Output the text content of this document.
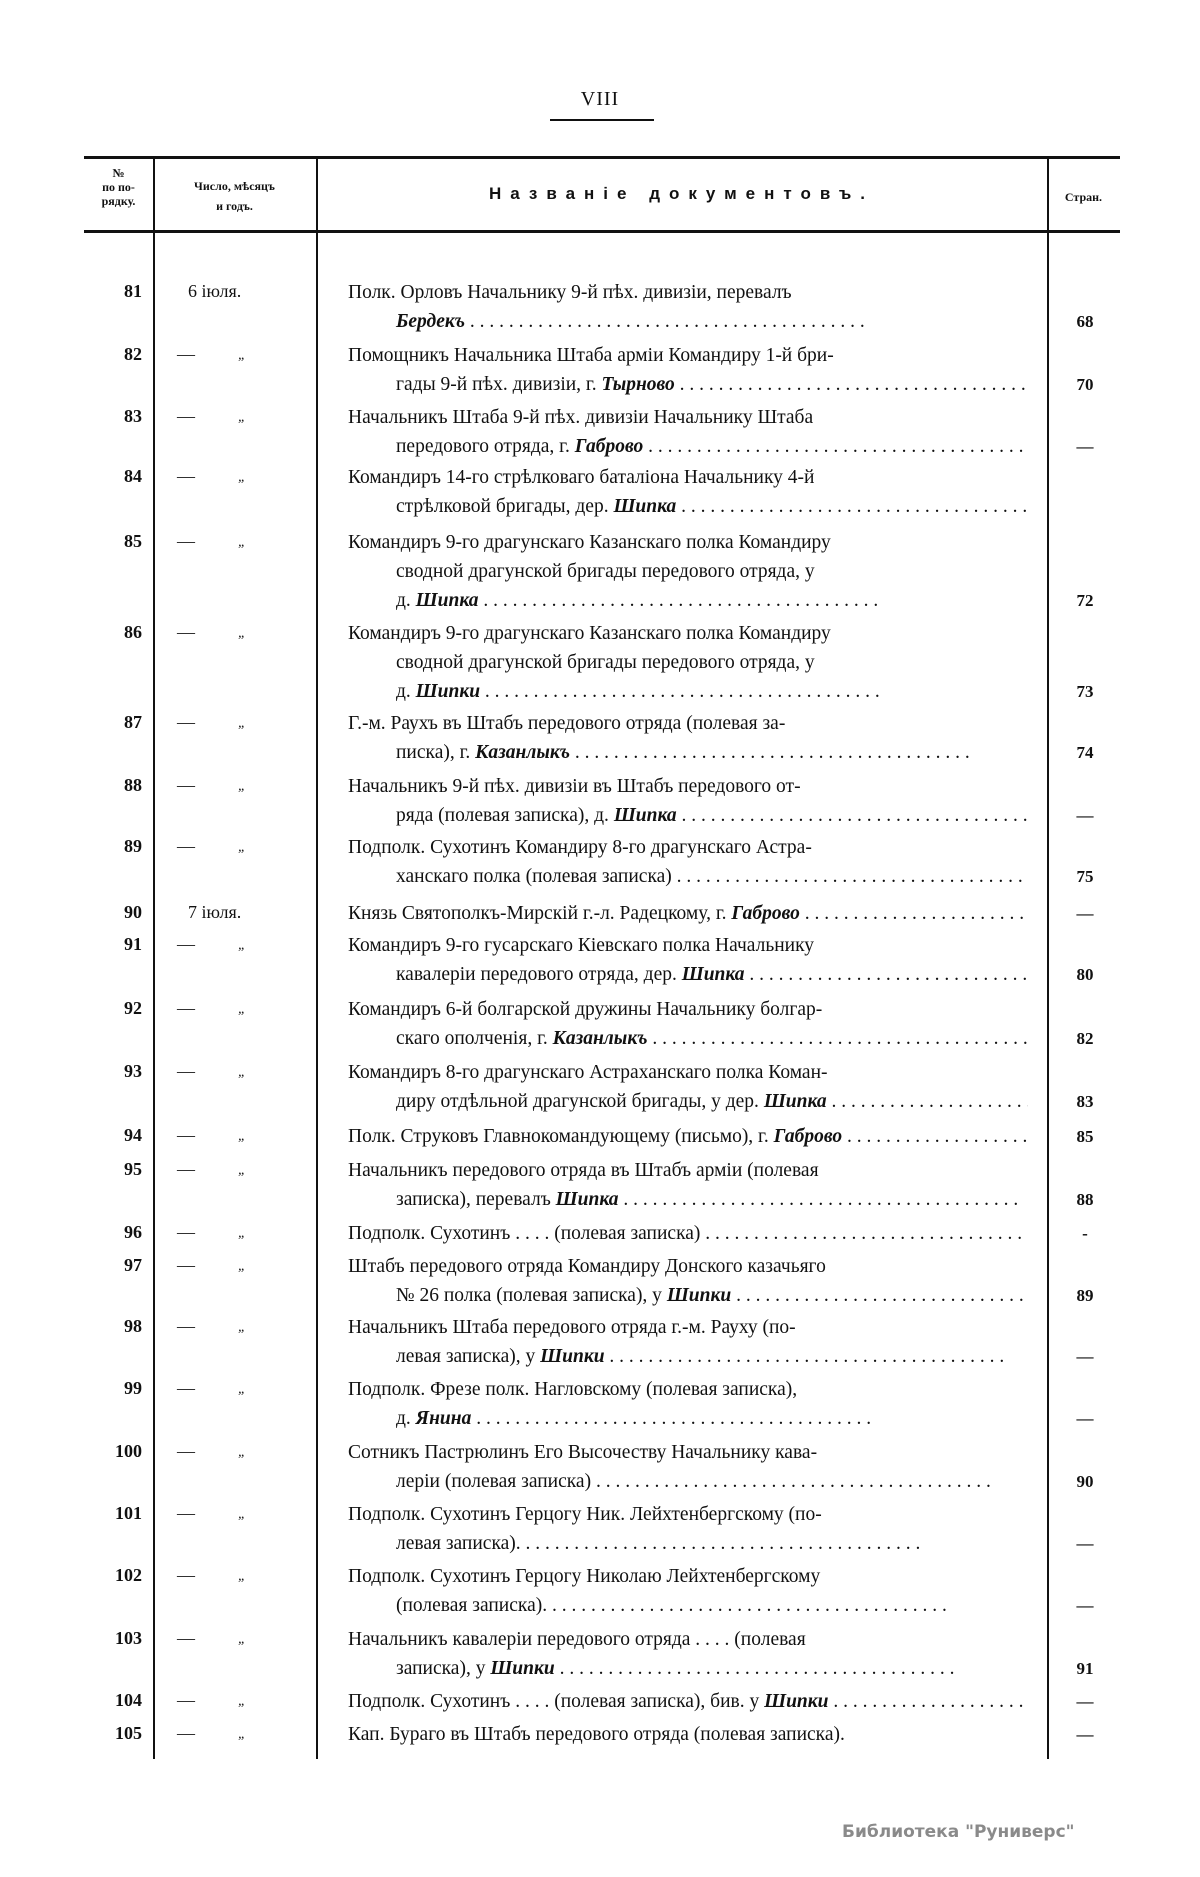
VIII
№
по по-
рядку.
Число, мѣсяцъ
и годъ.
Названіе документовъ.	Стран.
81	6 іюля.	Полк. Орловъ Начальнику 9-й пѣх. дивизіи, перевалъ
Бердекъ . . .	68
82 —	„	Помощникъ Начальника Штаба арміи Командиру 1-й бри-
гады 9-й пѣх. дивизіи, г. Тырново . . .	70
83 —	„	Начальникъ Штаба 9-й пѣх. дивизіи Начальнику Штаба
передового отряда, г. Габрово . . .	—
84 —	„	Командиръ 14-го стрѣлковаго баталіона Начальнику 4-й
стрѣлковой бригады, дер. Шипка . . .
85 —	„	Командиръ 9-го драгунскаго Казанскаго полка Командиру
сводной драгунской бригады передового отряда, у
д. Шипка . . .	72
86 —	„	Командиръ 9-го драгунскаго Казанскаго полка Командиру
сводной драгунской бригады передового отряда, у
д. Шипки . . .	73
87 —	„	Г.-м. Раухъ въ Штабъ передового отряда (полевая за-
писка), г. Казанлыкъ . . .	74
88 —	„	Начальникъ 9-й пѣх. дивизіи въ Штабъ передового от-
ряда (полевая записка), д. Шипка . . .	—
89 —	„	Подполк. Сухотинъ Командиру 8-го драгунскаго Астра-
ханскаго полка (полевая записка) . . .	75
90	7 іюля.	Князь Святополкъ-Мирскій г.-л. Радецкому, г. Габрово . . .	—
91 —	„	Командиръ 9-го гусарскаго Кіевскаго полка Начальнику
кавалеріи передового отряда, дер. Шипка . . .	80
92 —	„	Командиръ 6-й болгарской дружины Начальнику болгар-
скаго ополченія, г. Казанлыкъ . . .	82
93 —	„	Командиръ 8-го драгунскаго Астраханскаго полка Коман-
диру отдѣльной драгунской бригады, у дер. Шипка . . .	83
94 —	„	Полк. Струковъ Главнокомандующему (письмо), г. Габрово . . .	85
95 —	„	Начальникъ передового отряда въ Штабъ арміи (полевая
записка), перевалъ Шипка . . .	88
96 —	„	Подполк. Сухотинъ . . . . (полевая записка) . . .	-
97 —	„	Штабъ передового отряда Командиру Донского казачьяго
№ 26 полка (полевая записка), у Шипки . . .	89
98 —	„	Начальникъ Штаба передового отряда г.-м. Рауху (по-
левая записка), у Шипки . . .	—
99 —	„	Подполк. Фрезе полк. Нагловскому (полевая записка),
д. Янина . . .	—
100 —	„	Сотникъ Пастрюлинъ Его Высочеству Начальнику кава-
леріи (полевая записка) . . .	90
101 —	„	Подполк. Сухотинъ Герцогу Ник. Лейхтенбергскому (по-
левая записка). . . .	—
102 —	„	Подполк. Сухотинъ Герцогу Николаю Лейхтенбергскому
(полевая записка). . . .	—
103 —	„	Начальникъ кавалеріи передового отряда . . . . (полевая
записка), у Шипки . . .	91
104 —	„	Подполк. Сухотинъ . . . . (полевая записка), бив. у Шипки . . .	—
105 —	„	Кап. Бураго въ Штабъ передового отряда (полевая записка).	—
Библиотека "Руниверс"
